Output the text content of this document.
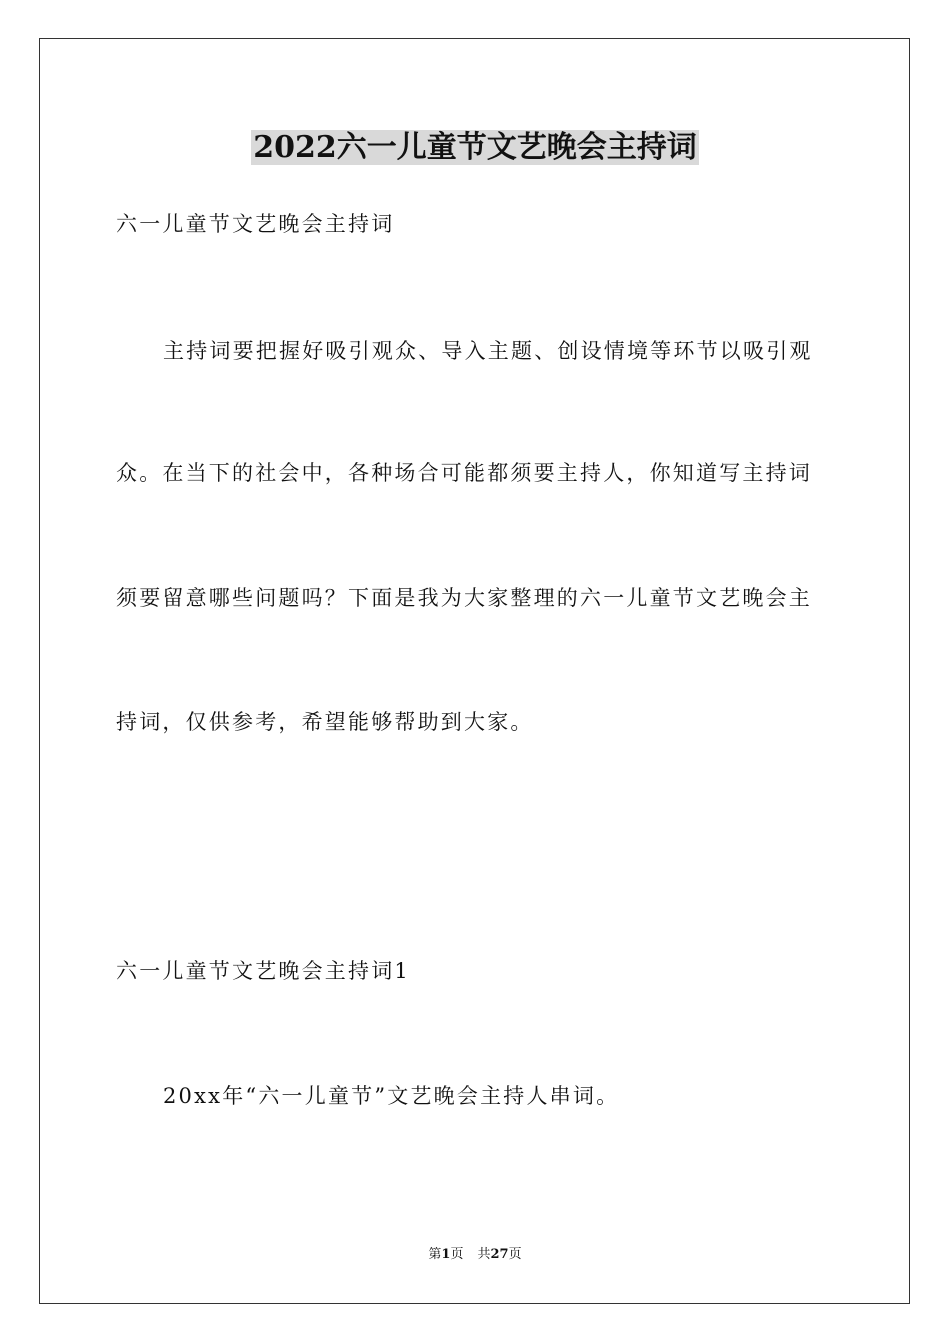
2022六一儿童节文艺晚会主持词
六一儿童节文艺晚会主持词
主持词要把握好吸引观众、导入主题、创设情境等环节以吸引观
众。在当下的社会中，各种场合可能都须要主持人，你知道写主持词
须要留意哪些问题吗？下面是我为大家整理的六一儿童节文艺晚会主
持词，仅供参考，希望能够帮助到大家。
六一儿童节文艺晚会主持词1
20xx年“六一儿童节”文艺晚会主持人串词。
第1页 共27页
